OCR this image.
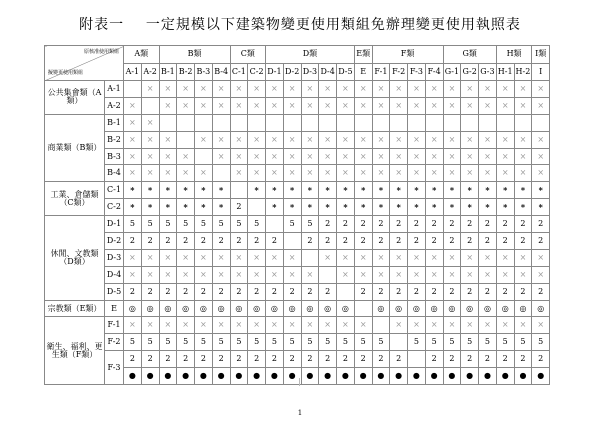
附表一 一定規模以下建築物變更使用類組免辦理變更使用執照表
原核准使用類組
擬變更使用類組		A類		B類				C類		D類					E類	F類				G類			H類		I類
		A-1	A-2	B-1	B-2	B-3	B-4	C-1	C-2	D-1	D-2	D-3	D-4	D-5	E	F-1	F-2	F-3	F-4	G-1	G-2	G-3	H-1	H-2	I
公共集會類（A類）	A-1		×	×	×	×	×	×	×	×	×	×	×	×	×	×	×	×	×	×	×	×	×	×	×
	A-2	×		×	×	×	×	×	×	×	×	×	×	×	×	×	×	×	×	×	×	×	×	×	×
商業類（B類）	B-1	×	×																						
	B-2	×	×	×		×	×	×	×	×	×	×	×	×	×	×	×	×	×	×	×	×	×	×	×
	B-3	×	×	×	×		×	×	×	×	×	×	×	×	×	×	×	×	×	×	×	×	×	×	×
	B-4	×	×	×	×	×		×	×	×	×	×	×	×	×	×	×	×	×	×	×	×	×	×	×
工業、倉儲類（C類）	C-1	*	*	*	*	*	*		*	*	*	*	*	*	*	*	*	*	*	*	*	*	*	*	*
	C-2	*	*	*	*	*	*	2		*	*	*	*	*	*	*	*	*	*	*	*	*	*	*	*
休閒、文教類（D類）	D-1	5	5	5	5	5	5	5	5		5	5	2	2	2	2	2	2	2	2	2	2	2	2	2
	D-2	2	2	2	2	2	2	2	2	2		2	2	2	2	2	2	2	2	2	2	2	2	2	2
	D-3	×	×	×	×	×	×	×	×	×	×		×	×	×	×	×	×	×	×	×	×	×	×	×
	D-4	×	×	×	×	×	×	×	×	×	×	×		×	×	×	×	×	×	×	×	×	×	×	×
	D-5	2	2	2	2	2	2	2	2	2	2	2	2		2	2	2	2	2	2	2	2	2	2	2
宗教類（E類）	E	◎	◎	◎	◎	◎	◎	◎	◎	◎	◎	◎	◎	◎		◎	◎	◎	◎	◎	◎	◎	◎	◎	◎
衛生、福利、更生類（F類）	F-1	×	×	×	×	×	×	×	×	×	×	×	×	×	×		×	×	×	×	×	×	×	×	×
	F-2	5	5	5	5	5	5	5	5	5	5	5	5	5	5	5		5	5	5	5	5	5	5	5
	F-3	2	2	2	2	2	2	2	2	2	2	2	2	2	2	2	2		2	2	2	2	2	2	2
		●	●	●	●	●	●	●	●	●	●	●	●	●	●	●	●	●	●	●	●	●	●	●	●
1
